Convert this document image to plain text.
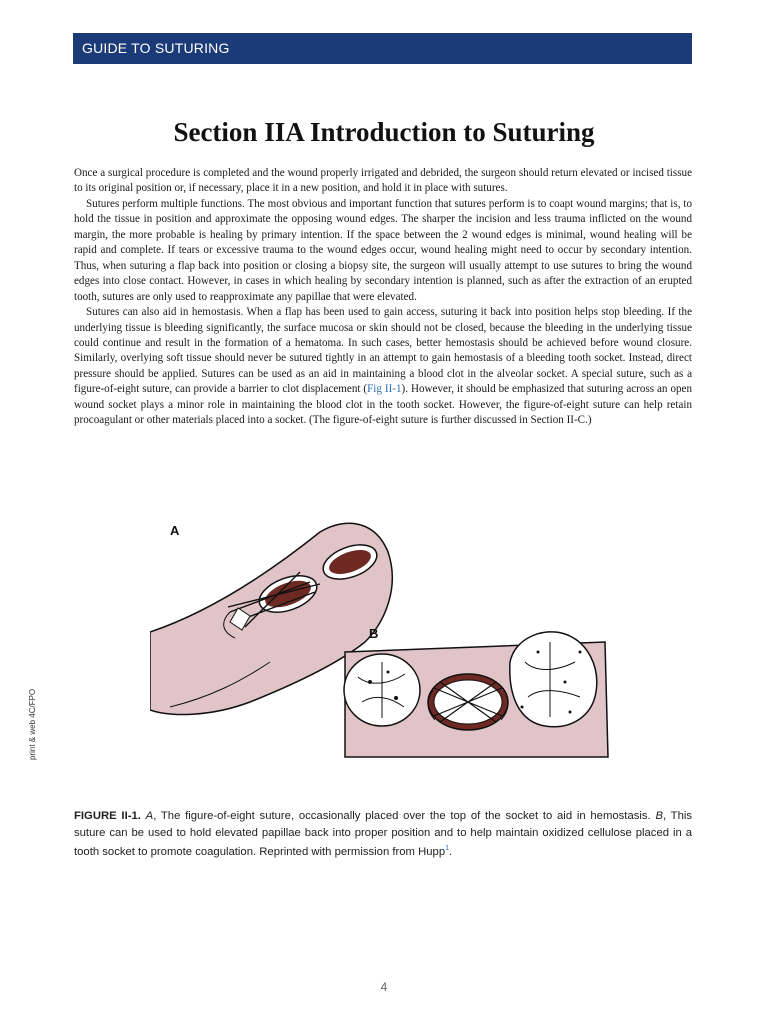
GUIDE TO SUTURING
Section IIA Introduction to Suturing

Once a surgical procedure is completed and the wound properly irrigated and debrided, the surgeon should return elevated or incised tissue to its original position or, if necessary, place it in a new position, and hold it in place with sutures.

Sutures perform multiple functions. The most obvious and important function that sutures perform is to coapt wound margins; that is, to hold the tissue in position and approximate the opposing wound edges. The sharper the incision and less trauma inflicted on the wound margin, the more probable is healing by primary intention. If the space between the 2 wound edges is minimal, wound healing will be rapid and complete. If tears or excessive trauma to the wound edges occur, wound healing might need to occur by secondary intention. Thus, when suturing a flap back into position or closing a biopsy site, the surgeon will usually attempt to use sutures to bring the wound edges into close contact. However, in cases in which healing by secondary intention is planned, such as after the extraction of an erupted tooth, sutures are only used to reapproximate any papillae that were elevated.

Sutures can also aid in hemostasis. When a flap has been used to gain access, suturing it back into position helps stop bleeding. If the underlying tissue is bleeding significantly, the surface mucosa or skin should not be closed, because the bleeding in the underlying tissue could continue and result in the formation of a hematoma. In such cases, better hemostasis should be achieved before wound closure. Similarly, overlying soft tissue should never be sutured tightly in an attempt to gain hemostasis of a bleeding tooth socket. Instead, direct pressure should be applied. Sutures can be used as an aid in maintaining a blood clot in the alveolar socket. A special suture, such as a figure-of-eight suture, can provide a barrier to clot displacement (Fig II-1). However, it should be emphasized that suturing across an open wound socket plays a minor role in maintaining the blood clot in the tooth socket. However, the figure-of-eight suture can help retain procoagulant or other materials placed into a socket. (The figure-of-eight suture is further discussed in Section II-C.)

A
B
print & web 4C/FPO
FIGURE II-1. A, The figure-of-eight suture, occasionally placed over the top of the socket to aid in hemostasis. B, This suture can be used to hold elevated papillae back into proper position and to help maintain oxidized cellulose placed in a tooth socket to promote coagulation. Reprinted with permission from Hupp$^1$.
4
